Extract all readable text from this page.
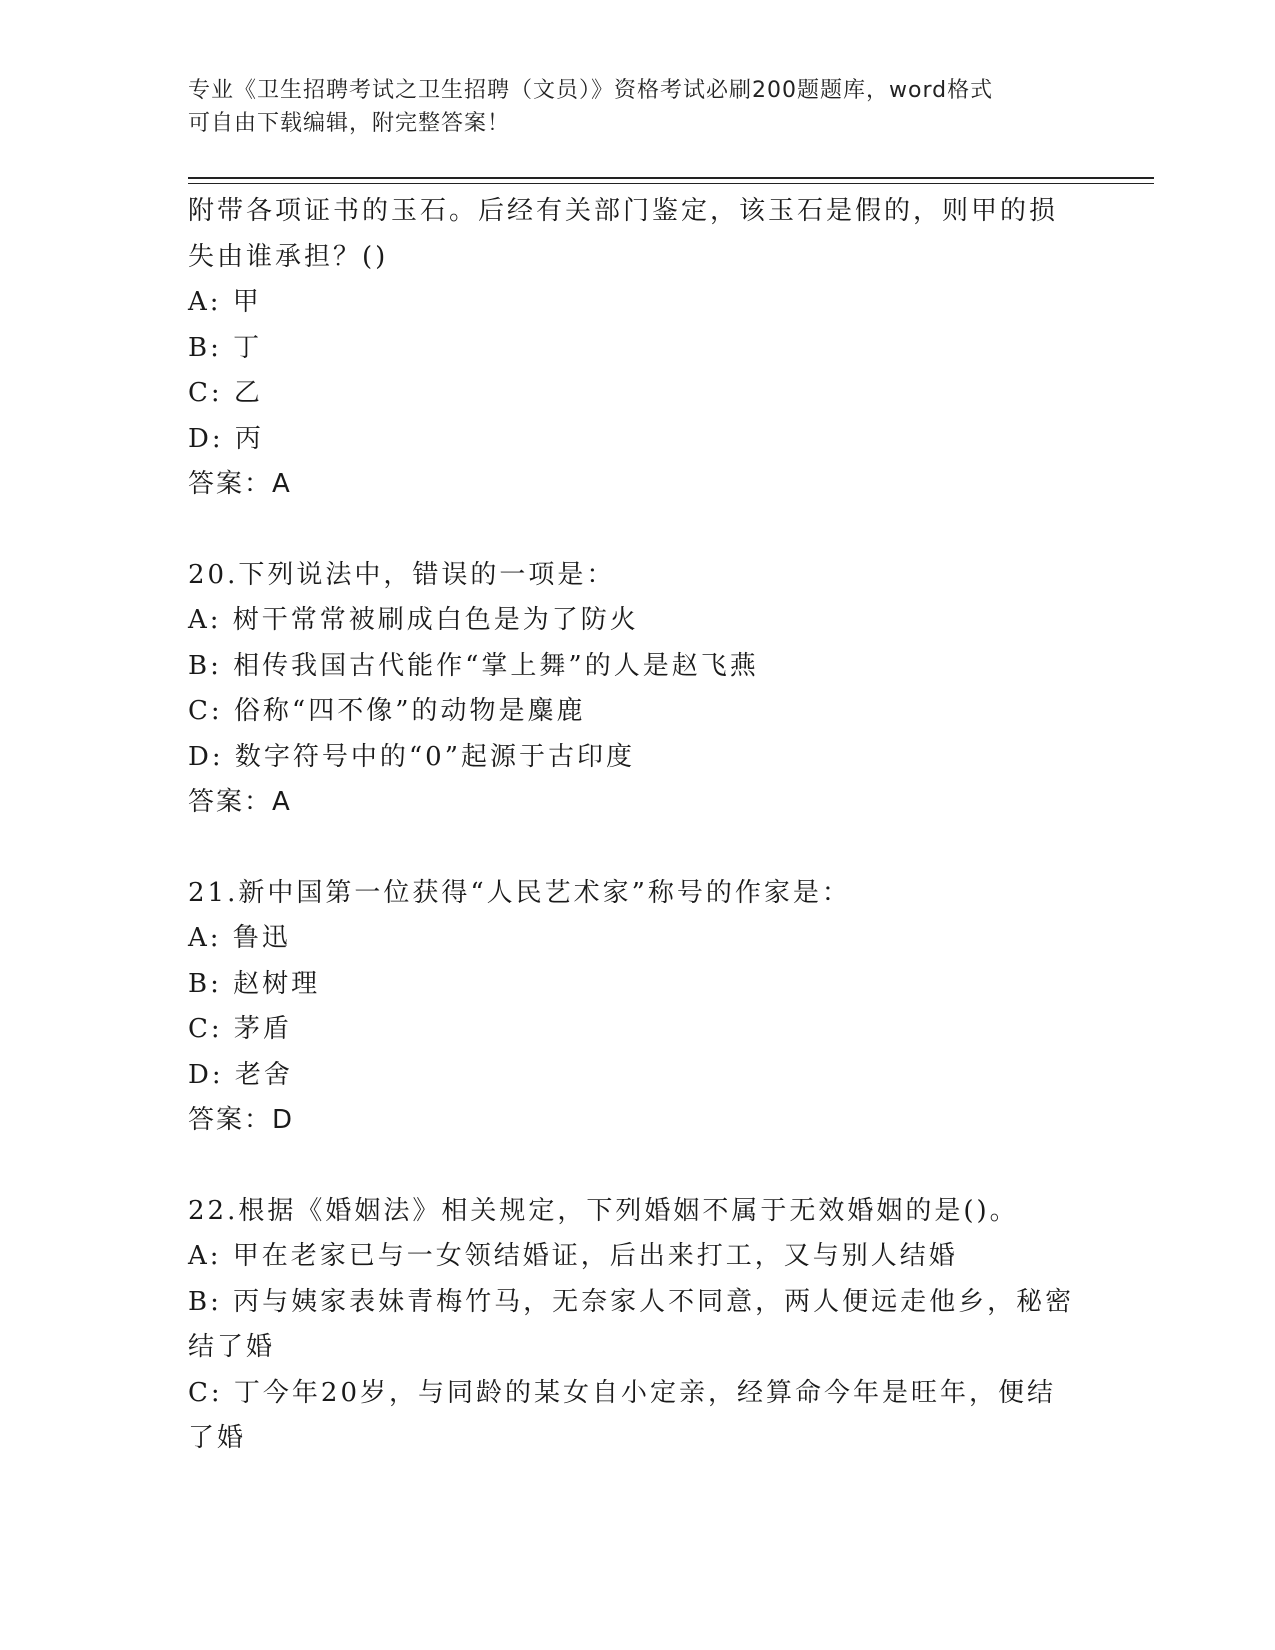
专业《卫生招聘考试之卫生招聘（文员）》资格考试必刷200题题库，word格式
可自由下载编辑，附完整答案！
附带各项证书的玉石。后经有关部门鉴定，该玉石是假的，则甲的损
失由谁承担？()
A: 甲
B: 丁
C: 乙
D: 丙
答案：A
20.下列说法中，错误的一项是：
A: 树干常常被刷成白色是为了防火
B: 相传我国古代能作“掌上舞”的人是赵飞燕
C: 俗称“四不像”的动物是麋鹿
D: 数字符号中的“0”起源于古印度
答案：A
21.新中国第一位获得“人民艺术家”称号的作家是：
A: 鲁迅
B: 赵树理
C: 茅盾
D: 老舍
答案：D
22.根据《婚姻法》相关规定，下列婚姻不属于无效婚姻的是()。
A: 甲在老家已与一女领结婚证，后出来打工，又与别人结婚
B: 丙与姨家表妹青梅竹马，无奈家人不同意，两人便远走他乡，秘密
结了婚
C: 丁今年20岁，与同龄的某女自小定亲，经算命今年是旺年，便结
了婚
